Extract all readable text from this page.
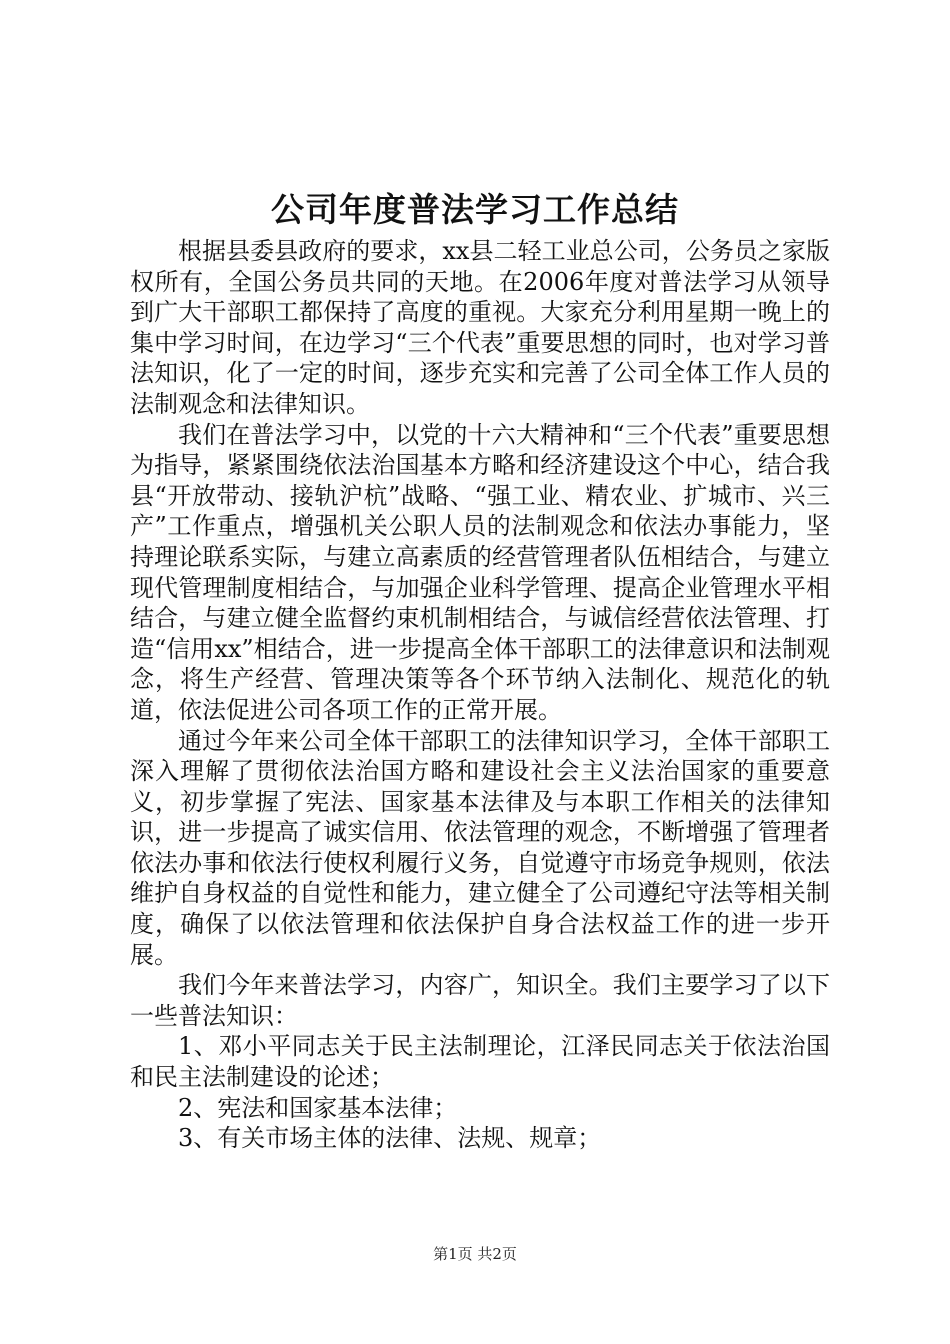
公司年度普法学习工作总结

根据县委县政府的要求，xx县二轻工业总公司，公务员之家版权所有，全国公务员共同的天地。在2006年度对普法学习从领导到广大干部职工都保持了高度的重视。大家充分利用星期一晚上的集中学习时间，在边学习“三个代表”重要思想的同时，也对学习普法知识，化了一定的时间，逐步充实和完善了公司全体工作人员的法制观念和法律知识。

我们在普法学习中，以党的十六大精神和“三个代表”重要思想为指导，紧紧围绕依法治国基本方略和经济建设这个中心，结合我县“开放带动、接轨沪杭”战略、“强工业、精农业、扩城市、兴三产”工作重点，增强机关公职人员的法制观念和依法办事能力，坚持理论联系实际，与建立高素质的经营管理者队伍相结合，与建立现代管理制度相结合，与加强企业科学管理、提高企业管理水平相结合，与建立健全监督约束机制相结合，与诚信经营依法管理、打造“信用xx”相结合，进一步提高全体干部职工的法律意识和法制观念，将生产经营、管理决策等各个环节纳入法制化、规范化的轨道，依法促进公司各项工作的正常开展。

通过今年来公司全体干部职工的法律知识学习，全体干部职工深入理解了贯彻依法治国方略和建设社会主义法治国家的重要意义，初步掌握了宪法、国家基本法律及与本职工作相关的法律知识，进一步提高了诚实信用、依法管理的观念，不断增强了管理者依法办事和依法行使权利履行义务，自觉遵守市场竞争规则，依法维护自身权益的自觉性和能力，建立健全了公司遵纪守法等相关制度，确保了以依法管理和依法保护自身合法权益工作的进一步开展。

我们今年来普法学习，内容广，知识全。我们主要学习了以下一些普法知识：

1、邓小平同志关于民主法制理论，江泽民同志关于依法治国和民主法制建设的论述；

2、宪法和国家基本法律；

3、有关市场主体的法律、法规、规章；

第1页 共2页
